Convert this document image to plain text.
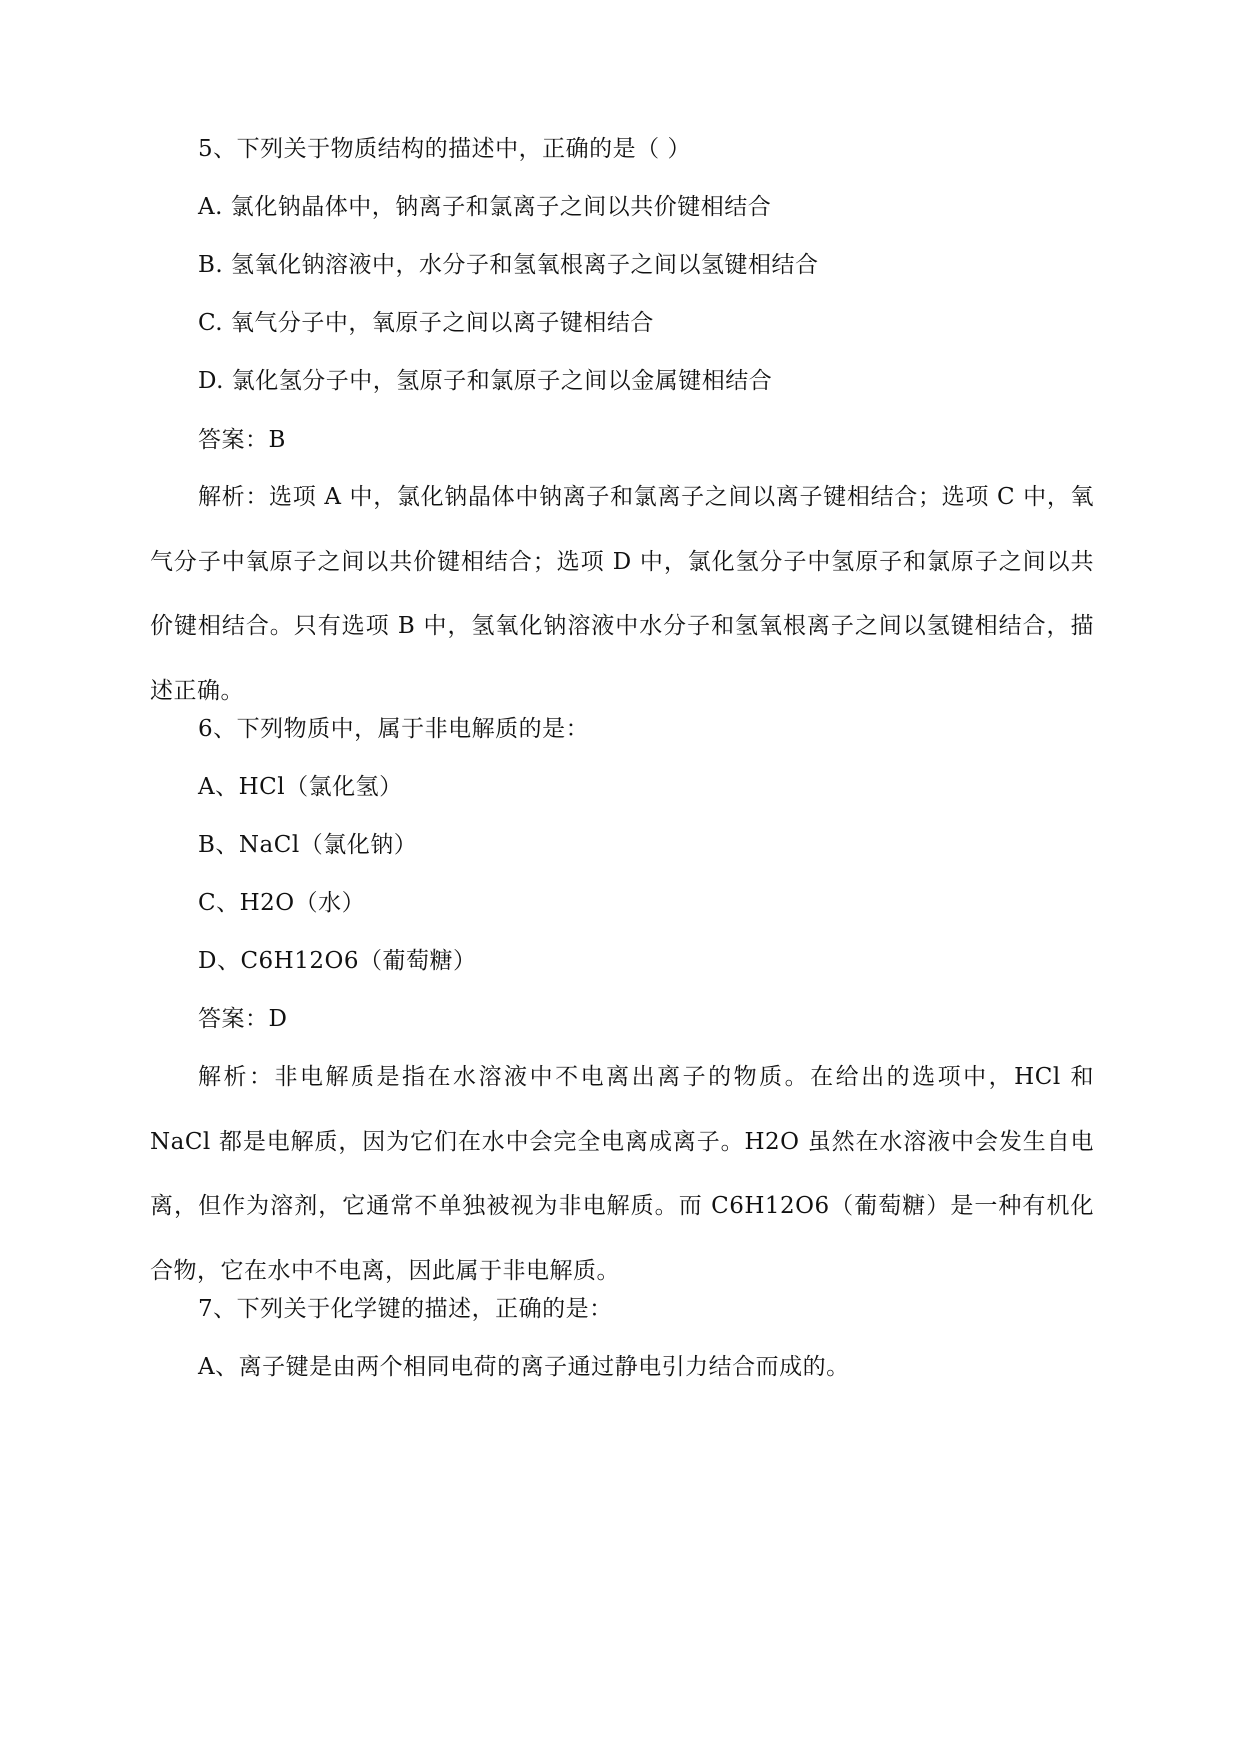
5、下列关于物质结构的描述中，正确的是（ ）
A. 氯化钠晶体中，钠离子和氯离子之间以共价键相结合
B. 氢氧化钠溶液中，水分子和氢氧根离子之间以氢键相结合
C. 氧气分子中，氧原子之间以离子键相结合
D. 氯化氢分子中，氢原子和氯原子之间以金属键相结合
答案：B
解析：选项 A 中，氯化钠晶体中钠离子和氯离子之间以离子键相结合；选项 C 中，氧气分子中氧原子之间以共价键相结合；选项 D 中，氯化氢分子中氢原子和氯原子之间以共价键相结合。只有选项 B 中，氢氧化钠溶液中水分子和氢氧根离子之间以氢键相结合，描述正确。
6、下列物质中，属于非电解质的是：
A、HCl（氯化氢）
B、NaCl（氯化钠）
C、H2O（水）
D、C6H12O6（葡萄糖）
答案：D
解析：非电解质是指在水溶液中不电离出离子的物质。在给出的选项中，HCl 和 NaCl 都是电解质，因为它们在水中会完全电离成离子。H2O 虽然在水溶液中会发生自电离，但作为溶剂，它通常不单独被视为非电解质。而 C6H12O6（葡萄糖）是一种有机化合物，它在水中不电离，因此属于非电解质。
7、下列关于化学键的描述，正确的是：
A、离子键是由两个相同电荷的离子通过静电引力结合而成的。
